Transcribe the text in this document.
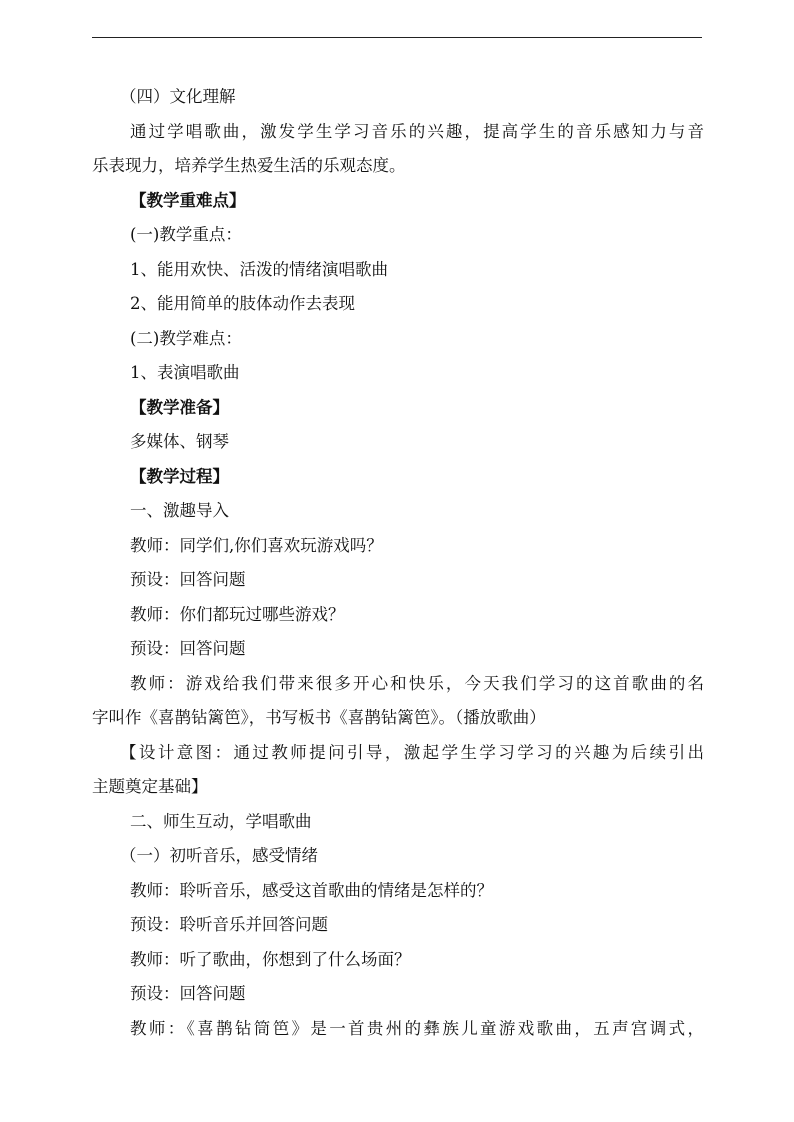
（四）文化理解
通过学唱歌曲，激发学生学习音乐的兴趣，提高学生的音乐感知力与音
乐表现力，培养学生热爱生活的乐观态度。
【教学重难点】
(一)教学重点：
1、能用欢快、活泼的情绪演唱歌曲
2、能用简单的肢体动作去表现
(二)教学难点：
1、表演唱歌曲
【教学准备】
多媒体、钢琴
【教学过程】
一、激趣导入
教师：同学们,你们喜欢玩游戏吗？
预设：回答问题
教师：你们都玩过哪些游戏？
预设：回答问题
教师：游戏给我们带来很多开心和快乐，今天我们学习的这首歌曲的名
字叫作《喜鹊钻篱笆》，书写板书《喜鹊钻篱笆》。（播放歌曲）
【设计意图：通过教师提问引导，激起学生学习学习的兴趣为后续引出
主题奠定基础】
二、师生互动，学唱歌曲
（一）初听音乐，感受情绪
教师：聆听音乐，感受这首歌曲的情绪是怎样的？
预设：聆听音乐并回答问题
教师：听了歌曲，你想到了什么场面？
预设：回答问题
教师：《喜鹊钻筒笆》是一首贵州的彝族儿童游戏歌曲，五声宫调式，
